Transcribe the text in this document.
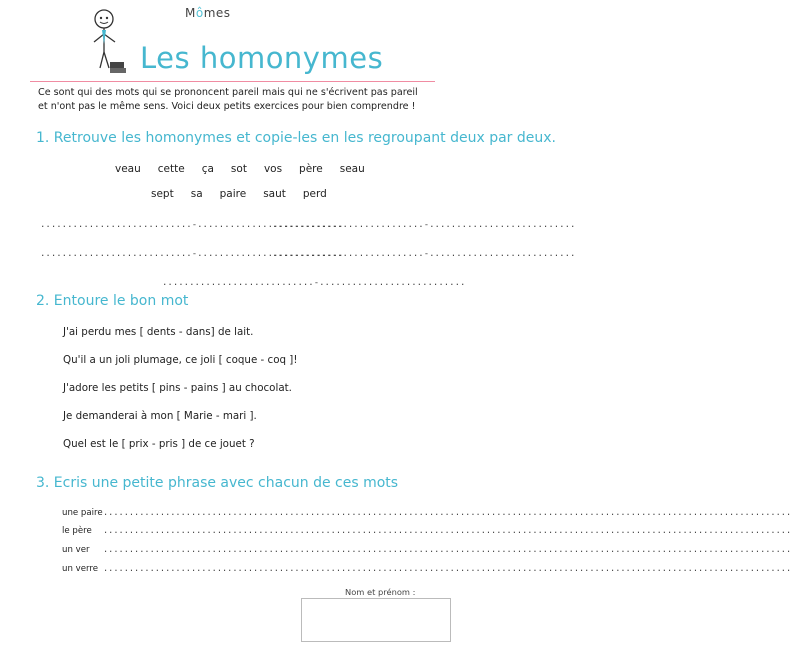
Mômes
Les homonymes
Ce sont qui des mots qui se prononcent pareil mais qui ne s'écrivent pas pareil
et n'ont pas le même sens. Voici deux petits exercices pour bien comprendre !
1. Retrouve les homonymes et copie-les en les regroupant deux par deux.
veau cette ça sot vos père seau
sept sa paire saut perd
............................-...........................
............................-...........................
............................-...........................
............................-...........................
............................-...........................
2. Entoure le bon mot
J'ai perdu mes [ dents - dans] de lait.
Qu'il a un joli plumage, ce joli [ coque - coq ]!
J'adore les petits [ pins - pains ] au chocolat.
Je demanderai à mon [ Marie - mari ].
Quel est le [ prix - pris ] de ce jouet ?
3. Ecris une petite phrase avec chacun de ces mots
une paire .....................................................................................................................................
le père .....................................................................................................................................
un ver .....................................................................................................................................
un verre .....................................................................................................................................
Nom et prénom :
